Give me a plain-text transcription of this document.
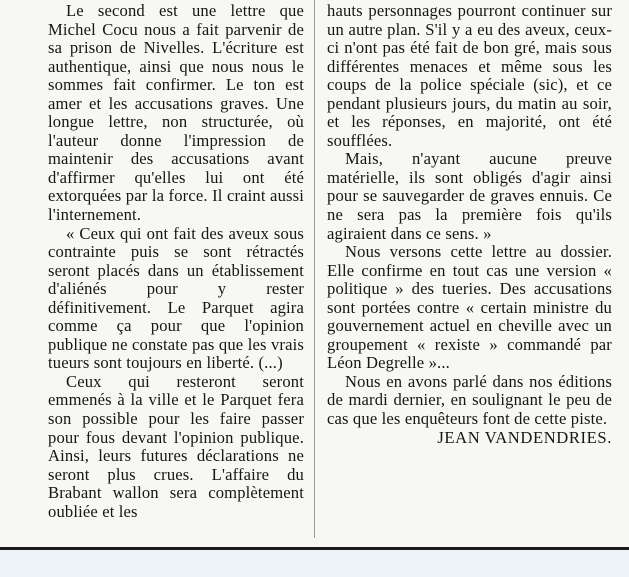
Le second est une lettre que Michel Cocu nous a fait parvenir de sa prison de Nivelles. L'écriture est authentique, ainsi que nous nous le sommes fait confirmer. Le ton est amer et les accusations graves. Une longue lettre, non structurée, où l'auteur donne l'impression de maintenir des accusations avant d'affirmer qu'elles lui ont été extorquées par la force. Il craint aussi l'internement.

« Ceux qui ont fait des aveux sous contrainte puis se sont rétractés seront placés dans un établissement d'aliénés pour y rester définitivement. Le Parquet agira comme ça pour que l'opinion publique ne constate pas que les vrais tueurs sont toujours en liberté. (...)

Ceux qui resteront seront emmenés à la ville et le Parquet fera son possible pour les faire passer pour fous devant l'opinion publique. Ainsi, leurs futures déclarations ne seront plus crues. L'affaire du Brabant wallon sera complètement oubliée et les

hauts personnages pourront continuer sur un autre plan. S'il y a eu des aveux, ceux-ci n'ont pas été fait de bon gré, mais sous différentes menaces et même sous les coups de la police spéciale (sic), et ce pendant plusieurs jours, du matin au soir, et les réponses, en majorité, ont été soufflées.

Mais, n'ayant aucune preuve matérielle, ils sont obligés d'agir ainsi pour se sauvegarder de graves ennuis. Ce ne sera pas la première fois qu'ils agiraient dans ce sens. »

Nous versons cette lettre au dossier. Elle confirme en tout cas une version « politique » des tueries. Des accusations sont portées contre « certain ministre du gouvernement actuel en cheville avec un groupement « rexiste » commandé par Léon Degrelle »...

Nous en avons parlé dans nos éditions de mardi dernier, en soulignant le peu de cas que les enquêteurs font de cette piste.

JEAN VANDENDRIES.
